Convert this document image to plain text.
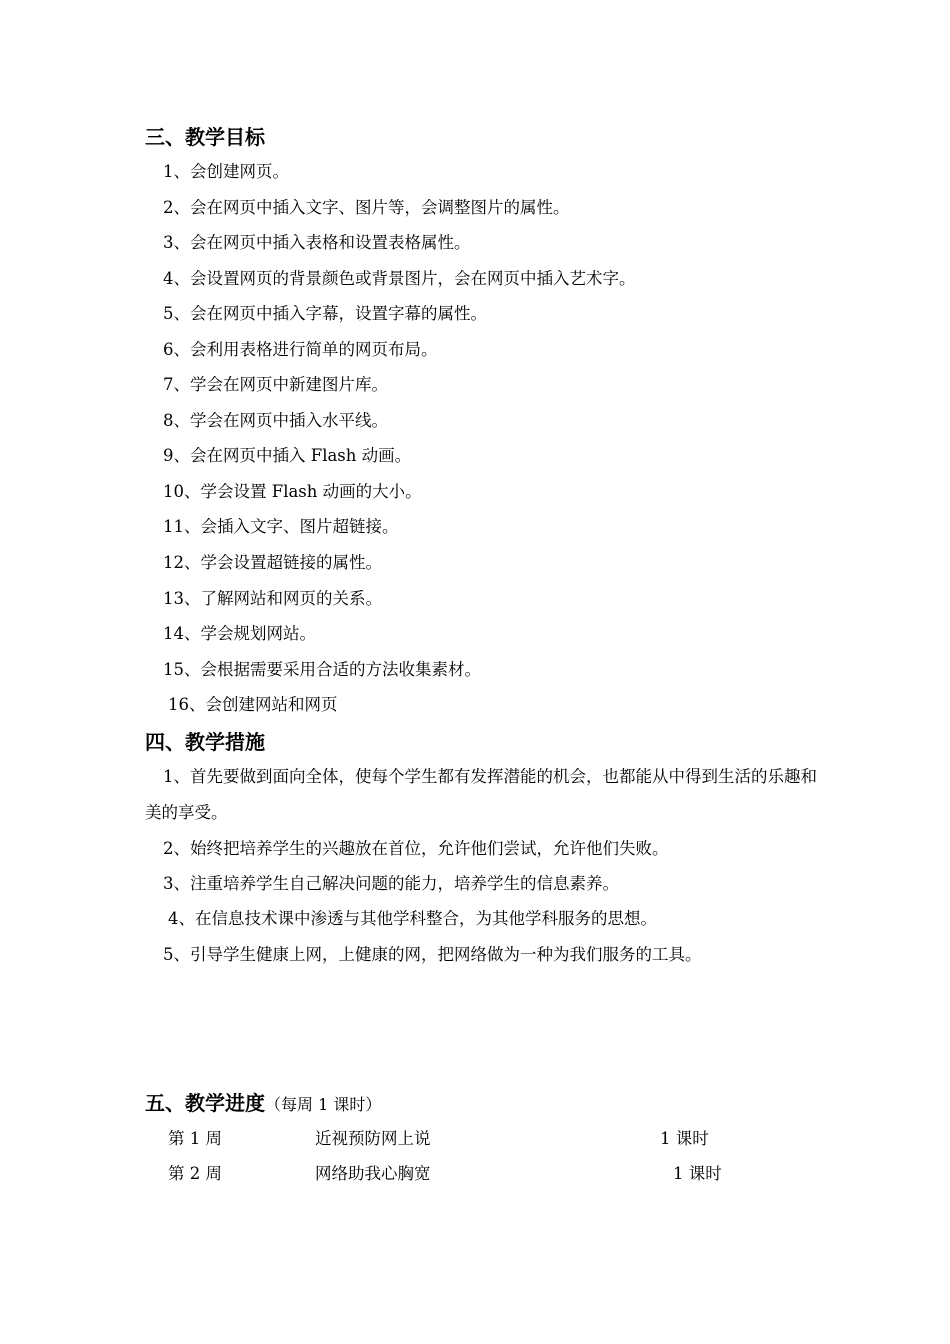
三、教学目标
1、会创建网页。
2、会在网页中插入文字、图片等，会调整图片的属性。
3、会在网页中插入表格和设置表格属性。
4、会设置网页的背景颜色或背景图片，会在网页中插入艺术字。
5、会在网页中插入字幕，设置字幕的属性。
6、会利用表格进行简单的网页布局。
7、学会在网页中新建图片库。
8、学会在网页中插入水平线。
9、会在网页中插入 Flash 动画。
10、学会设置 Flash 动画的大小。
11、会插入文字、图片超链接。
12、学会设置超链接的属性。
13、了解网站和网页的关系。
14、学会规划网站。
15、会根据需要采用合适的方法收集素材。
16、会创建网站和网页
四、教学措施
1、首先要做到面向全体，使每个学生都有发挥潜能的机会，也都能从中得到生活的乐趣和美的享受。
2、始终把培养学生的兴趣放在首位，允许他们尝试，允许他们失败。
3、注重培养学生自己解决问题的能力，培养学生的信息素养。
4、在信息技术课中渗透与其他学科整合，为其他学科服务的思想。
5、引导学生健康上网，上健康的网，把网络做为一种为我们服务的工具。
五、教学进度（每周 1 课时）
第 1 周	近视预防网上说	1 课时
第 2 周	网络助我心胸宽	1 课时
